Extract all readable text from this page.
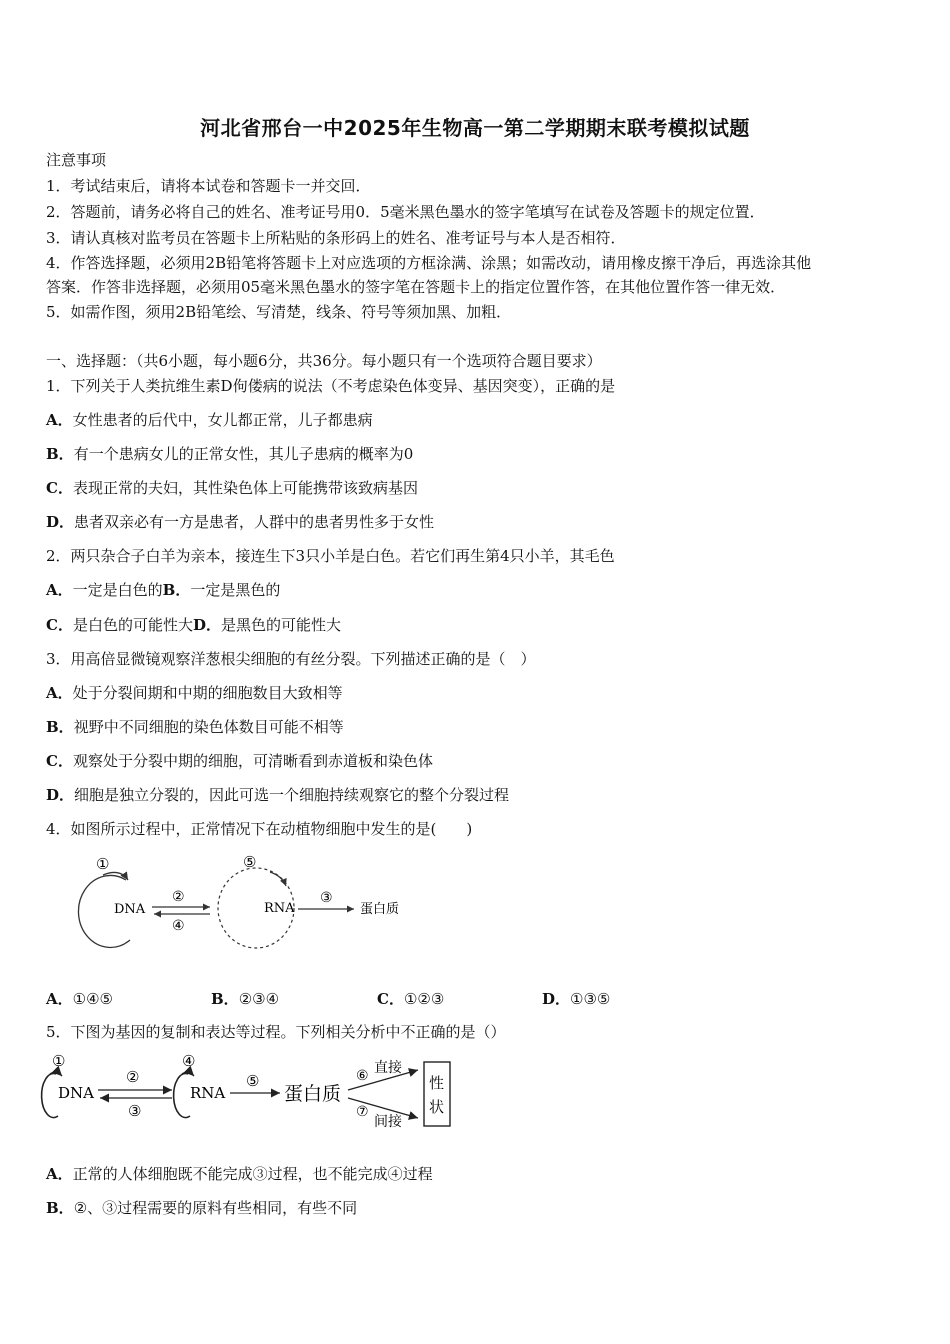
河北省邢台一中2025年生物高一第二学期期末联考模拟试题
注意事项
1．考试结束后，请将本试卷和答题卡一并交回．
2．答题前，请务必将自己的姓名、准考证号用0．5毫米黑色墨水的签字笔填写在试卷及答题卡的规定位置．
3．请认真核对监考员在答题卡上所粘贴的条形码上的姓名、准考证号与本人是否相符．
4．作答选择题，必须用2B铅笔将答题卡上对应选项的方框涂满、涂黑；如需改动，请用橡皮擦干净后，再选涂其他
答案．作答非选择题，必须用05毫米黑色墨水的签字笔在答题卡上的指定位置作答，在其他位置作答一律无效．
5．如需作图，须用2B铅笔绘、写清楚，线条、符号等须加黑、加粗．
一、选择题：（共6小题，每小题6分，共36分。每小题只有一个选项符合题目要求）
1．下列关于人类抗维生素D佝偻病的说法（不考虑染色体变异、基因突变），正确的是
A．女性患者的后代中，女儿都正常，儿子都患病
B．有一个患病女儿的正常女性，其儿子患病的概率为0
C．表现正常的夫妇，其性染色体上可能携带该致病基因
D．患者双亲必有一方是患者，人群中的患者男性多于女性
2．两只杂合子白羊为亲本，接连生下3只小羊是白色。若它们再生第4只小羊，其毛色
A．一定是白色的B．一定是黑色的
C．是白色的可能性大D．是黑色的可能性大
3．用高倍显微镜观察洋葱根尖细胞的有丝分裂。下列描述正确的是（　）
A．处于分裂间期和中期的细胞数目大致相等
B．视野中不同细胞的染色体数目可能不相等
C．观察处于分裂中期的细胞，可清晰看到赤道板和染色体
D．细胞是独立分裂的，因此可选一个细胞持续观察它的整个分裂过程
4．如图所示过程中，正常情况下在动植物细胞中发生的是(　　)
①
DNA
②
④
⑤
RNA
③
蛋白质
A．①④⑤	B．②③④	C．①②③	D．①③⑤
5．下图为基因的复制和表达等过程。下列相关分析中不正确的是（）
①
DNA
②
③
④
RNA
⑤
蛋白质
⑥ 直接
⑦
间接
性
状
A．正常的人体细胞既不能完成③过程，也不能完成④过程
B．②、③过程需要的原料有些相同，有些不同
